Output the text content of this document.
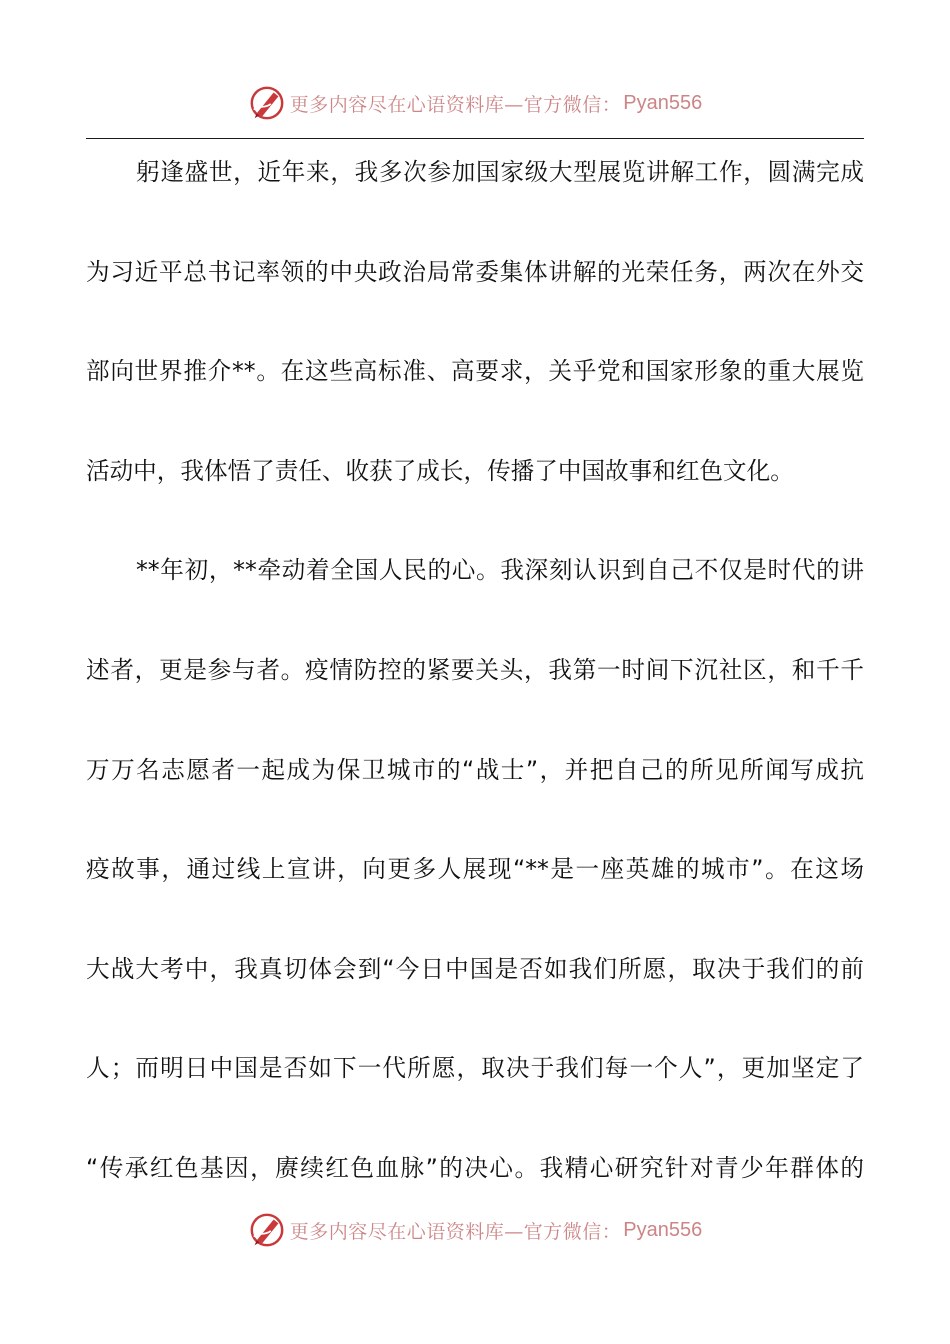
更多内容尽在心语资料库—官方微信： Pyan556
躬逢盛世，近年来，我多次参加国家级大型展览讲解工作，圆满完成
为习近平总书记率领的中央政治局常委集体讲解的光荣任务，两次在外交
部向世界推介**。在这些高标准、高要求，关乎党和国家形象的重大展览
活动中，我体悟了责任、收获了成长，传播了中国故事和红色文化。
**年初，**牵动着全国人民的心。我深刻认识到自己不仅是时代的讲
述者，更是参与者。疫情防控的紧要关头，我第一时间下沉社区，和千千
万万名志愿者一起成为保卫城市的“战士”，并把自己的所见所闻写成抗
疫故事，通过线上宣讲，向更多人展现“**是一座英雄的城市”。在这场
大战大考中，我真切体会到“今日中国是否如我们所愿，取决于我们的前
人；而明日中国是否如下一代所愿，取决于我们每一个人”，更加坚定了
“传承红色基因，赓续红色血脉”的决心。我精心研究针对青少年群体的
更多内容尽在心语资料库—官方微信： Pyan556
